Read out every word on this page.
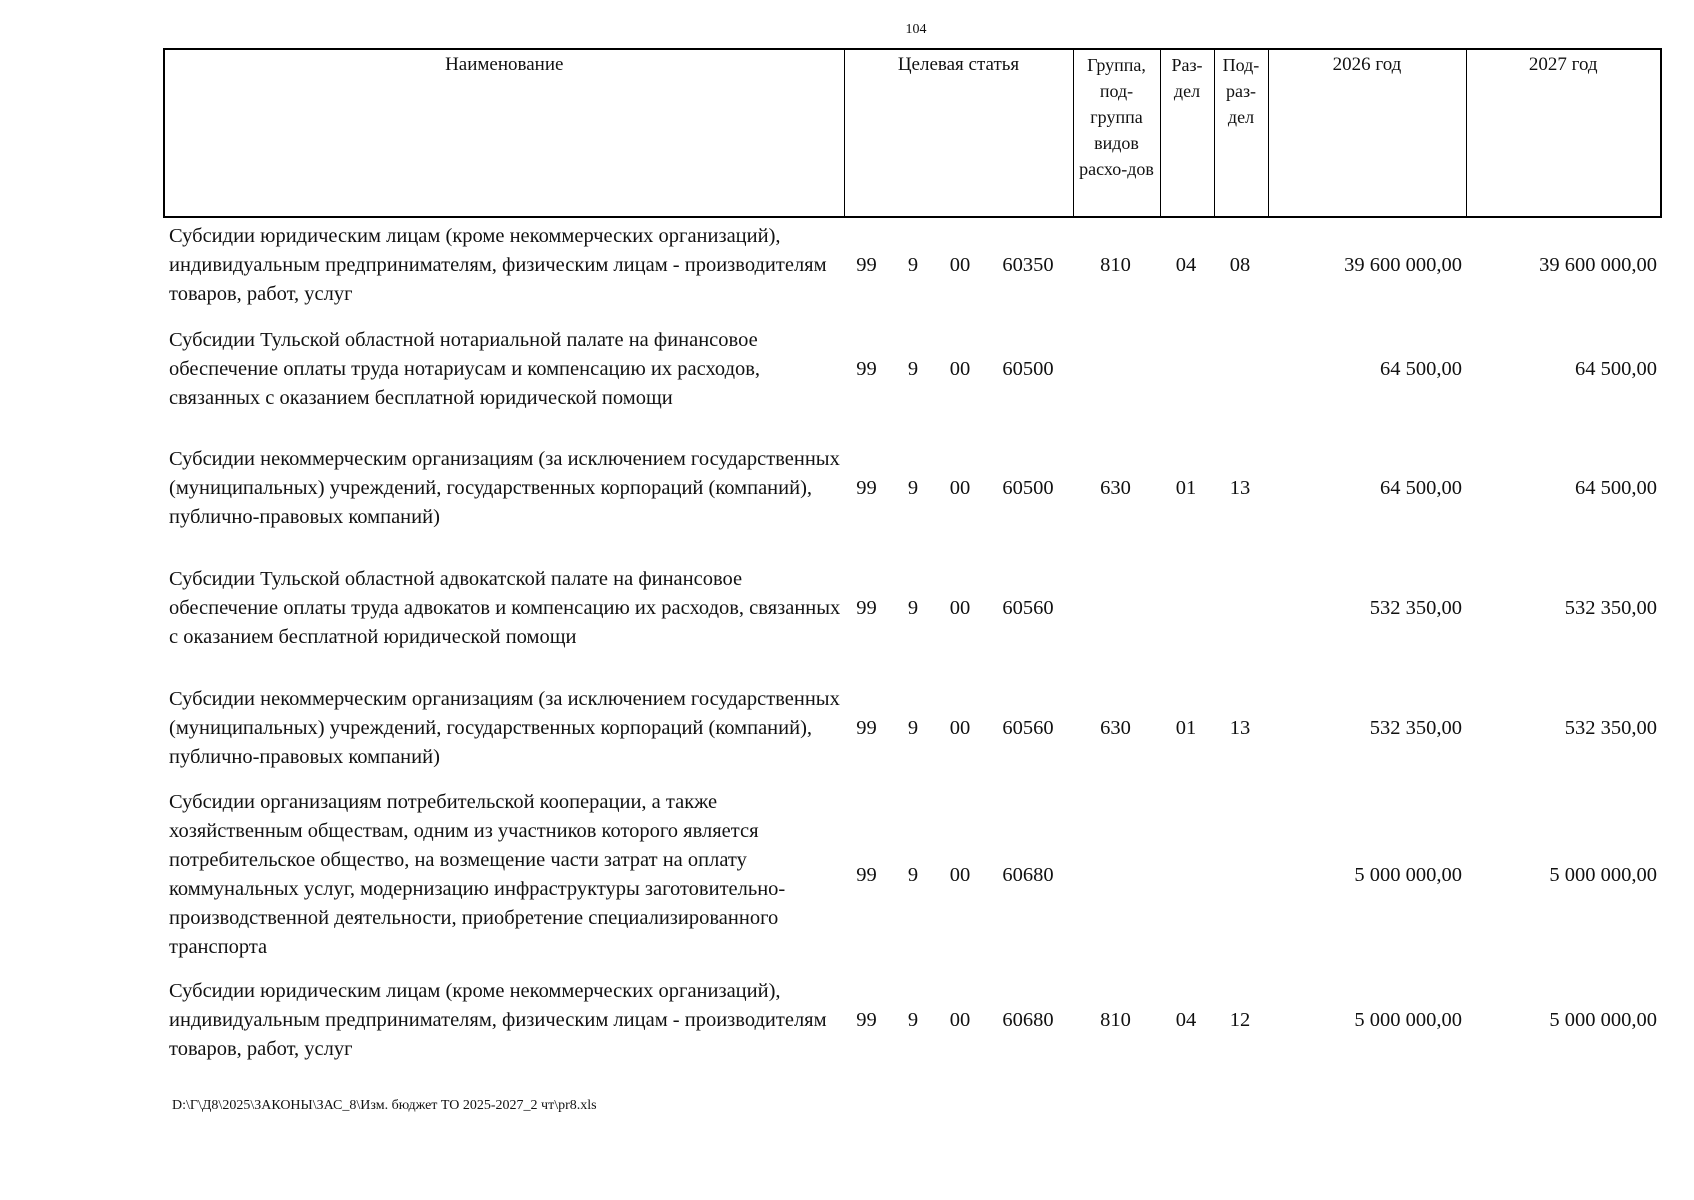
104
Наименование	Целевая статья	Группа, под-группа видов расхо-дов	Раз-дел	Под-раз-дел	2026 год	2027 год
Субсидии юридическим лицам (кроме некоммерческих организаций), индивидуальным предпринимателям, физическим лицам - производителям товаров, работ, услуг	99	9	00	60350	810	04	08	39 600 000,00	39 600 000,00
Субсидии Тульской областной нотариальной палате на финансовое обеспечение оплаты труда нотариусам и компенсацию их расходов, связанных с оказанием бесплатной юридической помощи	99	9	00	60500				64 500,00	64 500,00
Субсидии некоммерческим организациям (за исключением государственных (муниципальных) учреждений, государственных корпораций (компаний), публично-правовых компаний)	99	9	00	60500	630	01	13	64 500,00	64 500,00
Субсидии Тульской областной адвокатской палате на финансовое обеспечение оплаты труда адвокатов и компенсацию их расходов, связанных с оказанием бесплатной юридической помощи	99	9	00	60560				532 350,00	532 350,00
Субсидии некоммерческим организациям (за исключением государственных (муниципальных) учреждений, государственных корпораций (компаний), публично-правовых компаний)	99	9	00	60560	630	01	13	532 350,00	532 350,00
Субсидии организациям потребительской кооперации, а также хозяйственным обществам, одним из участников которого является потребительское общество, на возмещение части затрат на оплату коммунальных услуг, модернизацию инфраструктуры заготовительно-производственной деятельности, приобретение специализированного транспорта	99	9	00	60680				5 000 000,00	5 000 000,00
Субсидии юридическим лицам (кроме некоммерческих организаций), индивидуальным предпринимателям, физическим лицам - производителям товаров, работ, услуг	99	9	00	60680	810	04	12	5 000 000,00	5 000 000,00
D:\Г\Д8\2025\ЗАКОНЫ\ЗАС_8\Изм. бюджет ТО 2025-2027_2 чт\pr8.xls
